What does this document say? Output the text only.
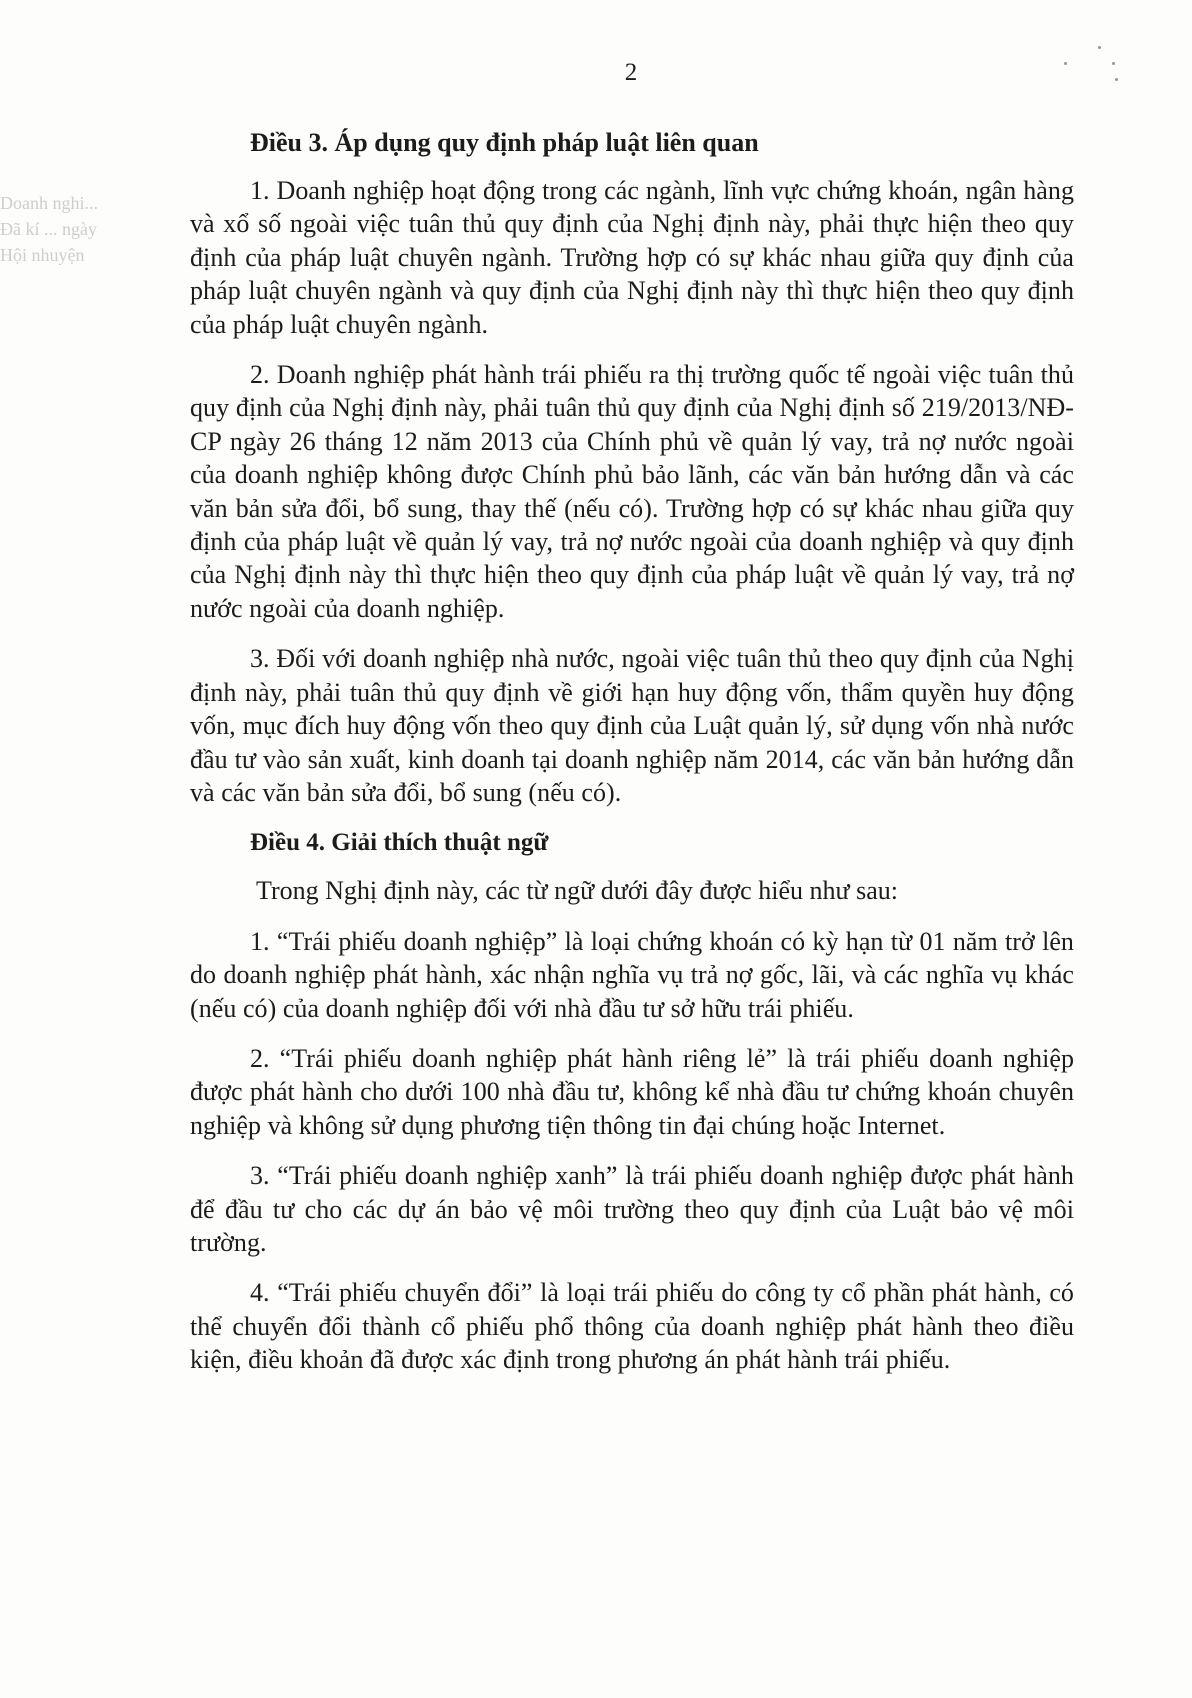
2
Doanh nghi...
Đã kí ... ngày
Hội nhuyện
Điều 3. Áp dụng quy định pháp luật liên quan

1. Doanh nghiệp hoạt động trong các ngành, lĩnh vực chứng khoán, ngân hàng và xổ số ngoài việc tuân thủ quy định của Nghị định này, phải thực hiện theo quy định của pháp luật chuyên ngành. Trường hợp có sự khác nhau giữa quy định của pháp luật chuyên ngành và quy định của Nghị định này thì thực hiện theo quy định của pháp luật chuyên ngành.

2. Doanh nghiệp phát hành trái phiếu ra thị trường quốc tế ngoài việc tuân thủ quy định của Nghị định này, phải tuân thủ quy định của Nghị định số 219/2013/NĐ-CP ngày 26 tháng 12 năm 2013 của Chính phủ về quản lý vay, trả nợ nước ngoài của doanh nghiệp không được Chính phủ bảo lãnh, các văn bản hướng dẫn và các văn bản sửa đổi, bổ sung, thay thế (nếu có). Trường hợp có sự khác nhau giữa quy định của pháp luật về quản lý vay, trả nợ nước ngoài của doanh nghiệp và quy định của Nghị định này thì thực hiện theo quy định của pháp luật về quản lý vay, trả nợ nước ngoài của doanh nghiệp.

3. Đối với doanh nghiệp nhà nước, ngoài việc tuân thủ theo quy định của Nghị định này, phải tuân thủ quy định về giới hạn huy động vốn, thẩm quyền huy động vốn, mục đích huy động vốn theo quy định của Luật quản lý, sử dụng vốn nhà nước đầu tư vào sản xuất, kinh doanh tại doanh nghiệp năm 2014, các văn bản hướng dẫn và các văn bản sửa đổi, bổ sung (nếu có).

Điều 4. Giải thích thuật ngữ

Trong Nghị định này, các từ ngữ dưới đây được hiểu như sau:

1. “Trái phiếu doanh nghiệp” là loại chứng khoán có kỳ hạn từ 01 năm trở lên do doanh nghiệp phát hành, xác nhận nghĩa vụ trả nợ gốc, lãi, và các nghĩa vụ khác (nếu có) của doanh nghiệp đối với nhà đầu tư sở hữu trái phiếu.

2. “Trái phiếu doanh nghiệp phát hành riêng lẻ” là trái phiếu doanh nghiệp được phát hành cho dưới 100 nhà đầu tư, không kể nhà đầu tư chứng khoán chuyên nghiệp và không sử dụng phương tiện thông tin đại chúng hoặc Internet.

3. “Trái phiếu doanh nghiệp xanh” là trái phiếu doanh nghiệp được phát hành để đầu tư cho các dự án bảo vệ môi trường theo quy định của Luật bảo vệ môi trường.

4. “Trái phiếu chuyển đổi” là loại trái phiếu do công ty cổ phần phát hành, có thể chuyển đổi thành cổ phiếu phổ thông của doanh nghiệp phát hành theo điều kiện, điều khoản đã được xác định trong phương án phát hành trái phiếu.
